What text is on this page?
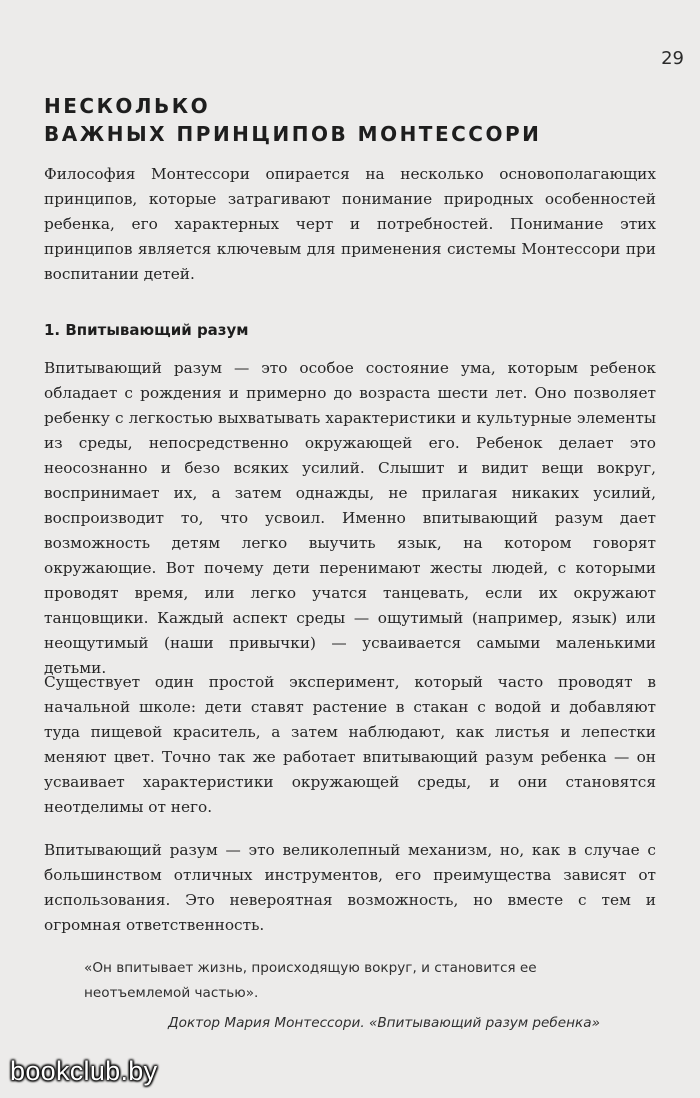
29
НЕСКОЛЬКО
ВАЖНЫХ ПРИНЦИПОВ МОНТЕССОРИ

Философия Монтессори опирается на несколько основополагающих принципов, которые затрагивают понимание природных особенностей ребенка, его характерных черт и потребностей. Понимание этих принципов является ключевым для применения системы Монтессори при воспитании детей.

1. Впитывающий разум

Впитывающий разум — это особое состояние ума, которым ребенок обладает с рождения и примерно до возраста шести лет. Оно позволяет ребенку с легкостью выхватывать характеристики и культурные элементы из среды, непосредственно окружающей его. Ребенок делает это неосознанно и безо всяких усилий. Слышит и видит вещи вокруг, воспринимает их, а затем однажды, не прилагая никаких усилий, воспроизводит то, что усвоил. Именно впитывающий разум дает возможность детям легко выучить язык, на котором говорят окружающие. Вот почему дети перенимают жесты людей, с которыми проводят время, или легко учатся танцевать, если их окружают танцовщики. Каждый аспект среды — ощутимый (например, язык) или неощутимый (наши привычки) — усваивается самыми маленькими детьми.

Существует один простой эксперимент, который часто проводят в начальной школе: дети ставят растение в стакан с водой и добавляют туда пищевой краситель, а затем наблюдают, как листья и лепестки меняют цвет. Точно так же работает впитывающий разум ребенка — он усваивает характеристики окружающей среды, и они становятся неотделимы от него.

Впитывающий разум — это великолепный механизм, но, как в случае с большинством отличных инструментов, его преимущества зависят от использования. Это невероятная возможность, но вместе с тем и огромная ответственность.

«Он впитывает жизнь, происходящую вокруг, и становится ее неотъемлемой частью».
Доктор Мария Монтессори. «Впитывающий разум ребенка»
bookclub.by
